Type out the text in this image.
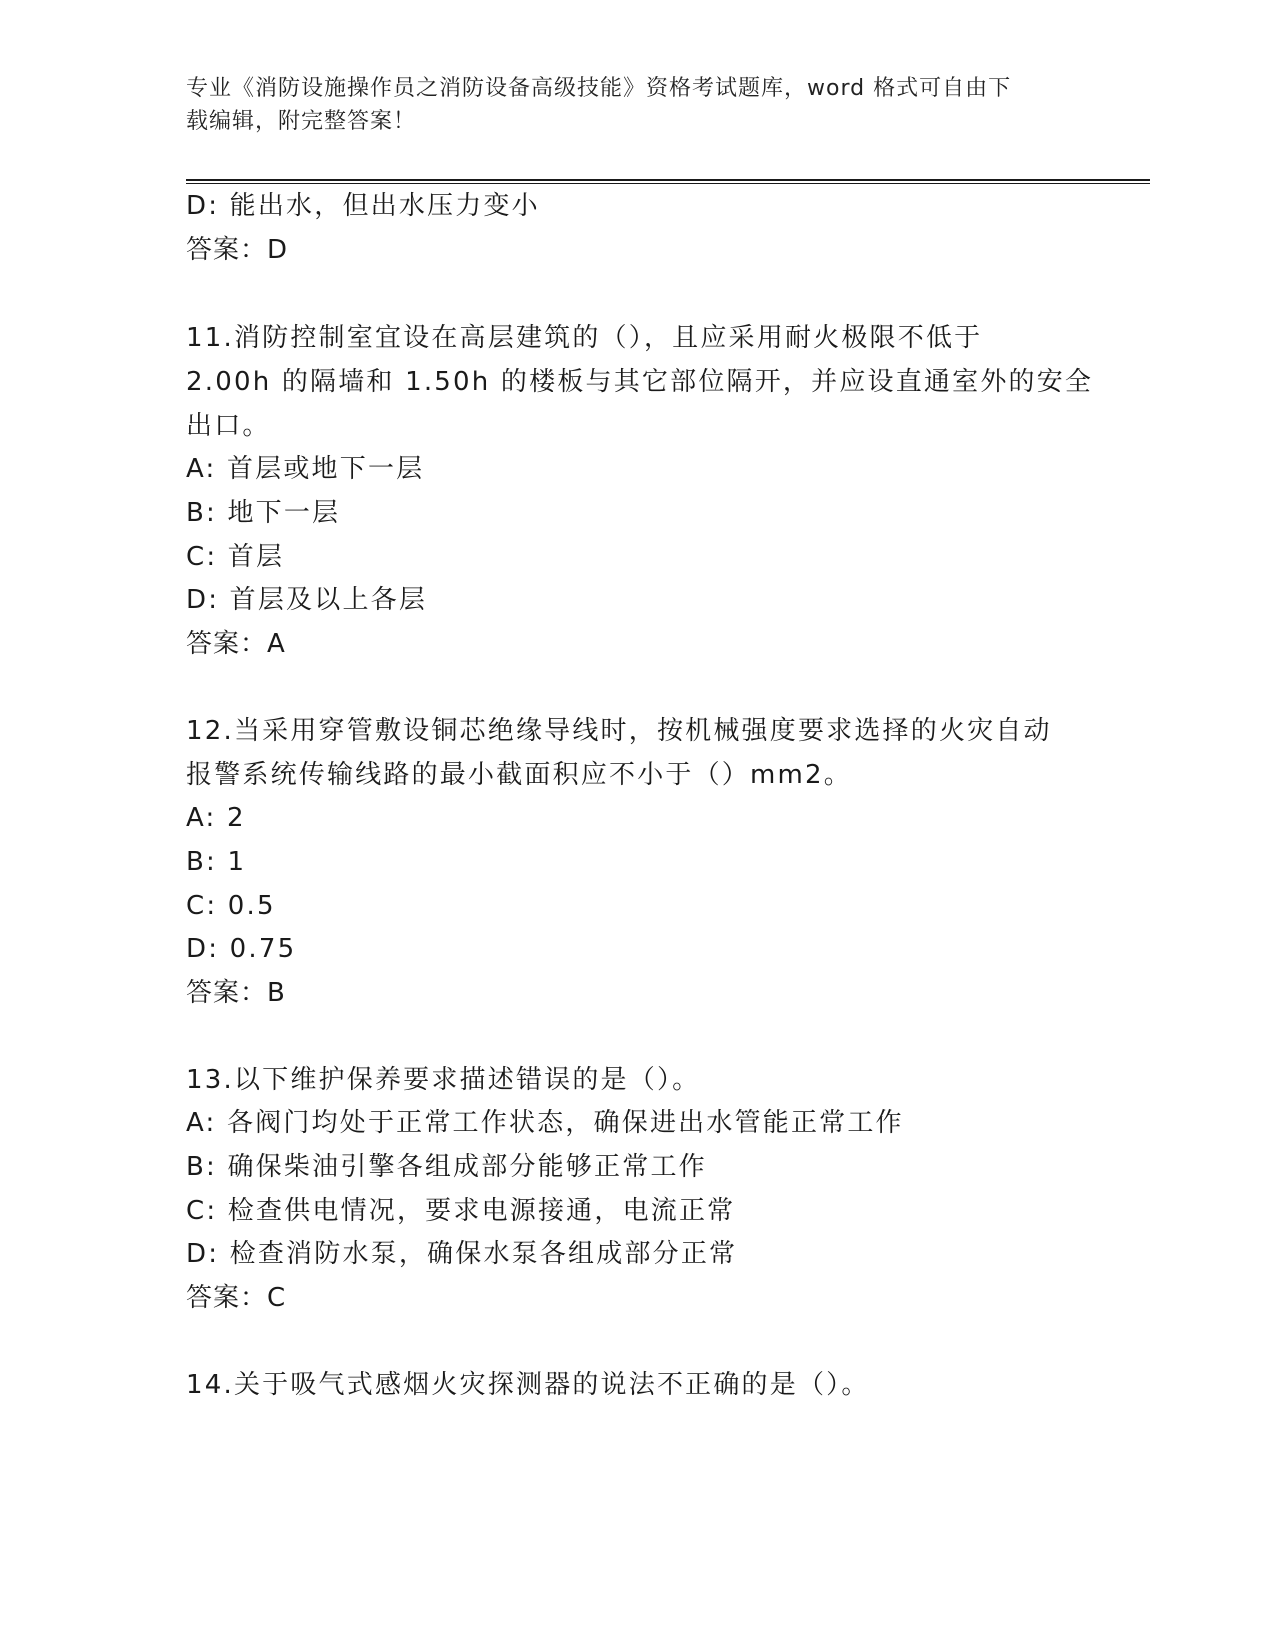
专业《消防设施操作员之消防设备高级技能》资格考试题库，word 格式可自由下
载编辑，附完整答案！
D: 能出水，但出水压力变小
答案：D
11.消防控制室宜设在高层建筑的（），且应采用耐火极限不低于
2.00h 的隔墙和 1.50h 的楼板与其它部位隔开，并应设直通室外的安全
出口。
A: 首层或地下一层
B: 地下一层
C: 首层
D: 首层及以上各层
答案：A
12.当采用穿管敷设铜芯绝缘导线时，按机械强度要求选择的火灾自动
报警系统传输线路的最小截面积应不小于（）mm2。
A: 2
B: 1
C: 0.5
D: 0.75
答案：B
13.以下维护保养要求描述错误的是（）。
A: 各阀门均处于正常工作状态，确保进出水管能正常工作
B: 确保柴油引擎各组成部分能够正常工作
C: 检查供电情况，要求电源接通，电流正常
D: 检查消防水泵，确保水泵各组成部分正常
答案：C
14.关于吸气式感烟火灾探测器的说法不正确的是（）。
